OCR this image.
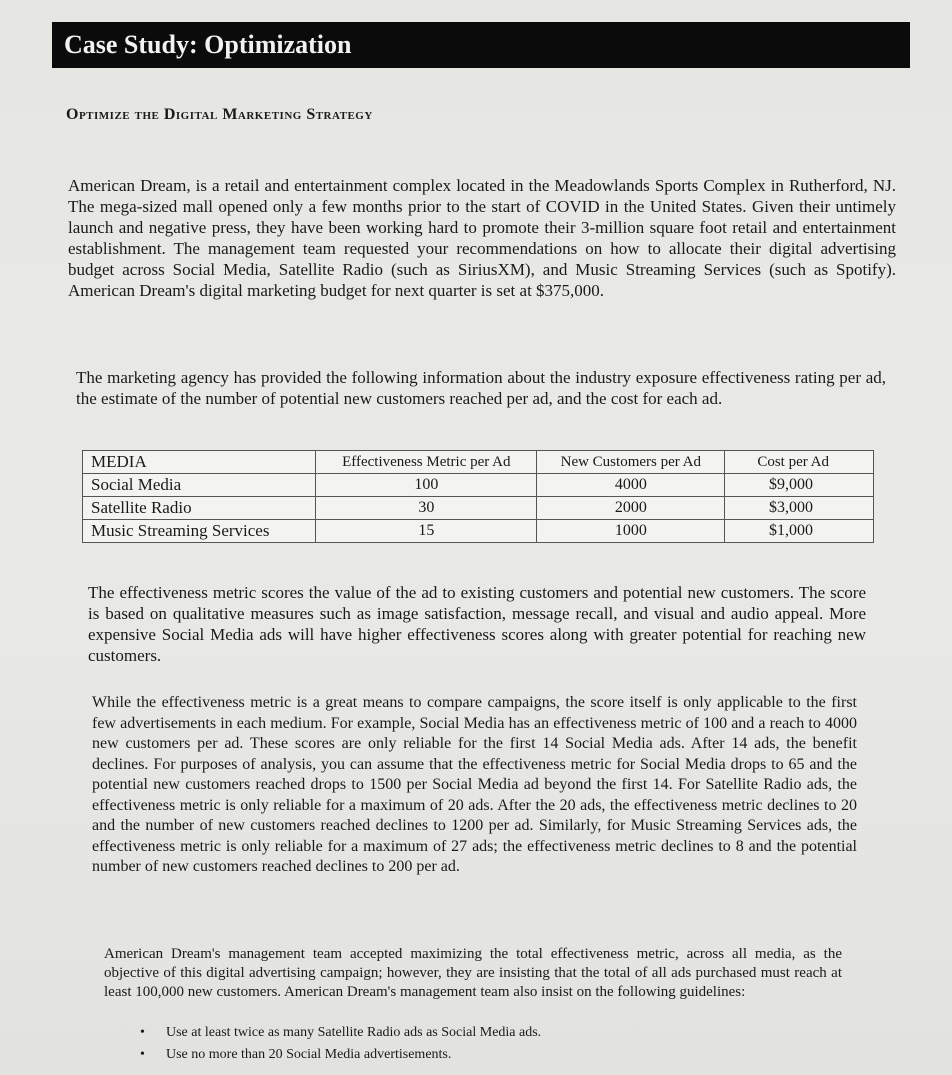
Case Study: Optimization
Optimize the Digital Marketing Strategy

American Dream, is a retail and entertainment complex located in the Meadowlands Sports Complex in Rutherford, NJ. The mega-sized mall opened only a few months prior to the start of COVID in the United States. Given their untimely launch and negative press, they have been working hard to promote their 3-million square foot retail and entertainment establishment. The management team requested your recommendations on how to allocate their digital advertising budget across Social Media, Satellite Radio (such as SiriusXM), and Music Streaming Services (such as Spotify). American Dream's digital marketing budget for next quarter is set at $375,000.

The marketing agency has provided the following information about the industry exposure effectiveness rating per ad, the estimate of the number of potential new customers reached per ad, and the cost for each ad.

MEDIA	Effectiveness Metric per Ad	New Customers per Ad	Cost per Ad
Social Media	100	4000	$9,000
Satellite Radio	30	2000	$3,000
Music Streaming Services	15	1000	$1,000

The effectiveness metric scores the value of the ad to existing customers and potential new customers. The score is based on qualitative measures such as image satisfaction, message recall, and visual and audio appeal. More expensive Social Media ads will have higher effectiveness scores along with greater potential for reaching new customers.

While the effectiveness metric is a great means to compare campaigns, the score itself is only applicable to the first few advertisements in each medium. For example, Social Media has an effectiveness metric of 100 and a reach to 4000 new customers per ad. These scores are only reliable for the first 14 Social Media ads. After 14 ads, the benefit declines. For purposes of analysis, you can assume that the effectiveness metric for Social Media drops to 65 and the potential new customers reached drops to 1500 per Social Media ad beyond the first 14. For Satellite Radio ads, the effectiveness metric is only reliable for a maximum of 20 ads. After the 20 ads, the effectiveness metric declines to 20 and the number of new customers reached declines to 1200 per ad. Similarly, for Music Streaming Services ads, the effectiveness metric is only reliable for a maximum of 27 ads; the effectiveness metric declines to 8 and the potential number of new customers reached declines to 200 per ad.

American Dream's management team accepted maximizing the total effectiveness metric, across all media, as the objective of this digital advertising campaign; however, they are insisting that the total of all ads purchased must reach at least 100,000 new customers. American Dream's management team also insist on the following guidelines:

• Use at least twice as many Satellite Radio ads as Social Media ads.
• Use no more than 20 Social Media advertisements.
